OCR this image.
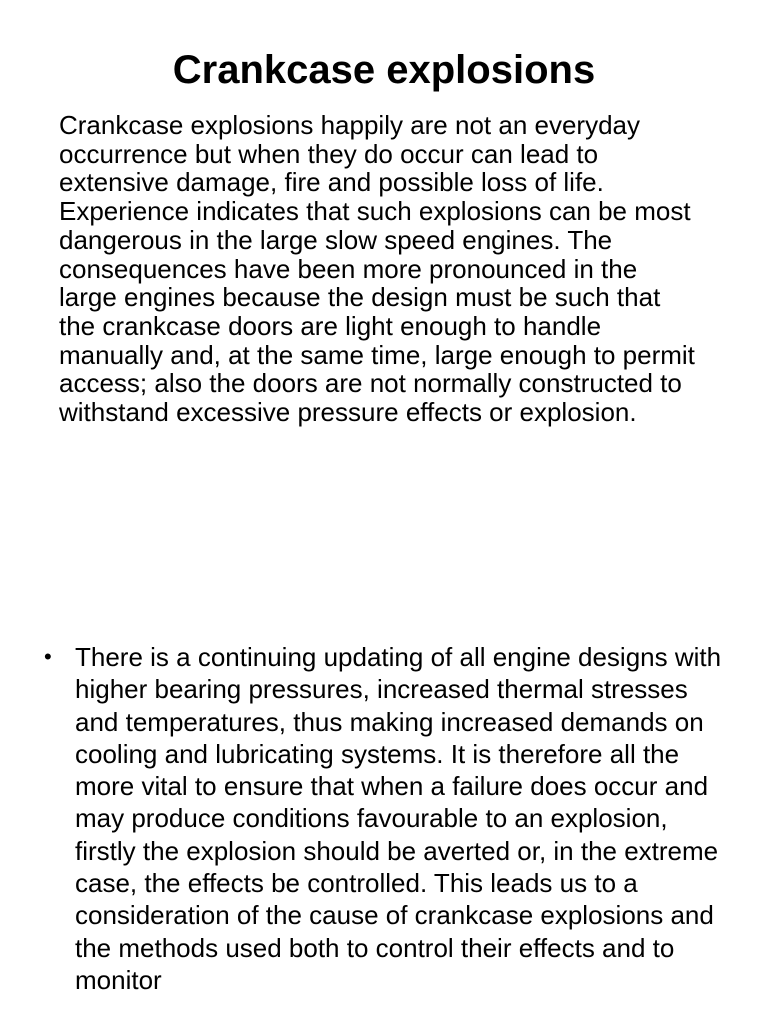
Crankcase explosions

Crankcase explosions happily are not an everyday occurrence but when they do occur can lead to extensive damage, fire and possible loss of life. Experience indicates that such explosions can be most dangerous in the large slow speed engines. The consequences have been more pronounced in the large engines because the design must be such that the crankcase doors are light enough to handle manually and, at the same time, large enough to permit access; also the doors are not normally constructed to withstand excessive pressure effects or explosion.

• There is a continuing updating of all engine designs with higher bearing pressures, increased thermal stresses and temperatures, thus making increased demands on cooling and lubricating systems. It is therefore all the more vital to ensure that when a failure does occur and may produce conditions favourable to an explosion, firstly the explosion should be averted or, in the extreme case, the effects be controlled. This leads us to a consideration of the cause of crankcase explosions and the methods used both to control their effects and to monitor
